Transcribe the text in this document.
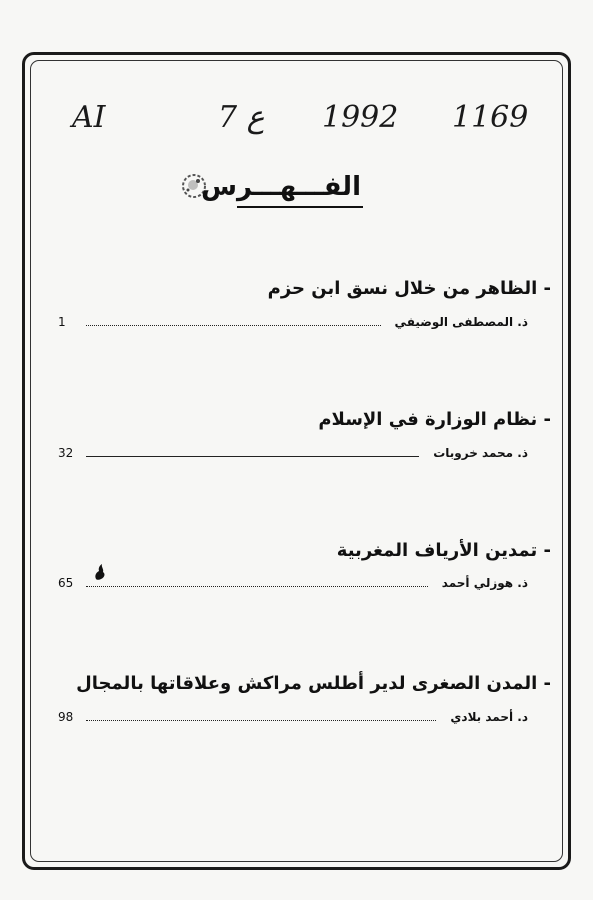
AI	7 ع 1992 1169
الفـــهـــرس
- الظاهر من خلال نسق ابن حزم
ذ. المصطفى الوضيفي
1
- نظام الوزارة في الإسلام
ذ. محمد خروبات
32
- تمدين الأرياف المغربية
ذ. هوزلي أحمد
65
- المدن الصغرى لدير أطلس مراكش وعلاقاتها بالمجال
د. أحمد بلادي
98
